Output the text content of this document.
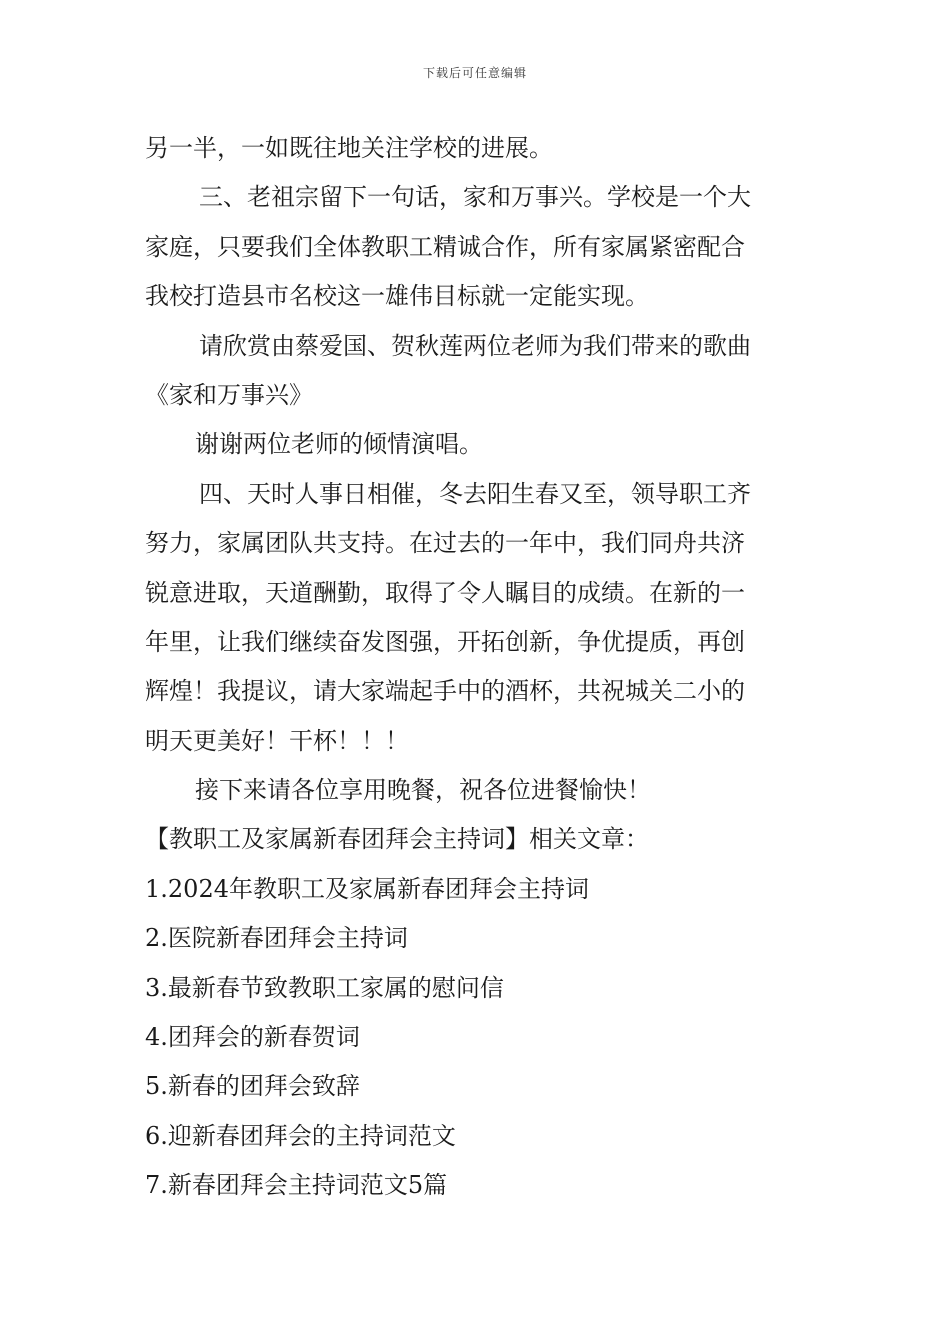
下载后可任意编辑
另一半，一如既往地关注学校的进展。
三、老祖宗留下一句话，家和万事兴。学校是一个大
家庭，只要我们全体教职工精诚合作，所有家属紧密配合
我校打造县市名校这一雄伟目标就一定能实现。
请欣赏由蔡爱国、贺秋莲两位老师为我们带来的歌曲
《家和万事兴》
谢谢两位老师的倾情演唱。
四、天时人事日相催，冬去阳生春又至，领导职工齐
努力，家属团队共支持。在过去的一年中，我们同舟共济
锐意进取，天道酬勤，取得了令人瞩目的成绩。在新的一
年里，让我们继续奋发图强，开拓创新，争优提质，再创
辉煌！我提议，请大家端起手中的酒杯，共祝城关二小的
明天更美好！干杯！！！
接下来请各位享用晚餐，祝各位进餐愉快！
【教职工及家属新春团拜会主持词】相关文章：
1.2024年教职工及家属新春团拜会主持词
2.医院新春团拜会主持词
3.最新春节致教职工家属的慰问信
4.团拜会的新春贺词
5.新春的团拜会致辞
6.迎新春团拜会的主持词范文
7.新春团拜会主持词范文5篇
